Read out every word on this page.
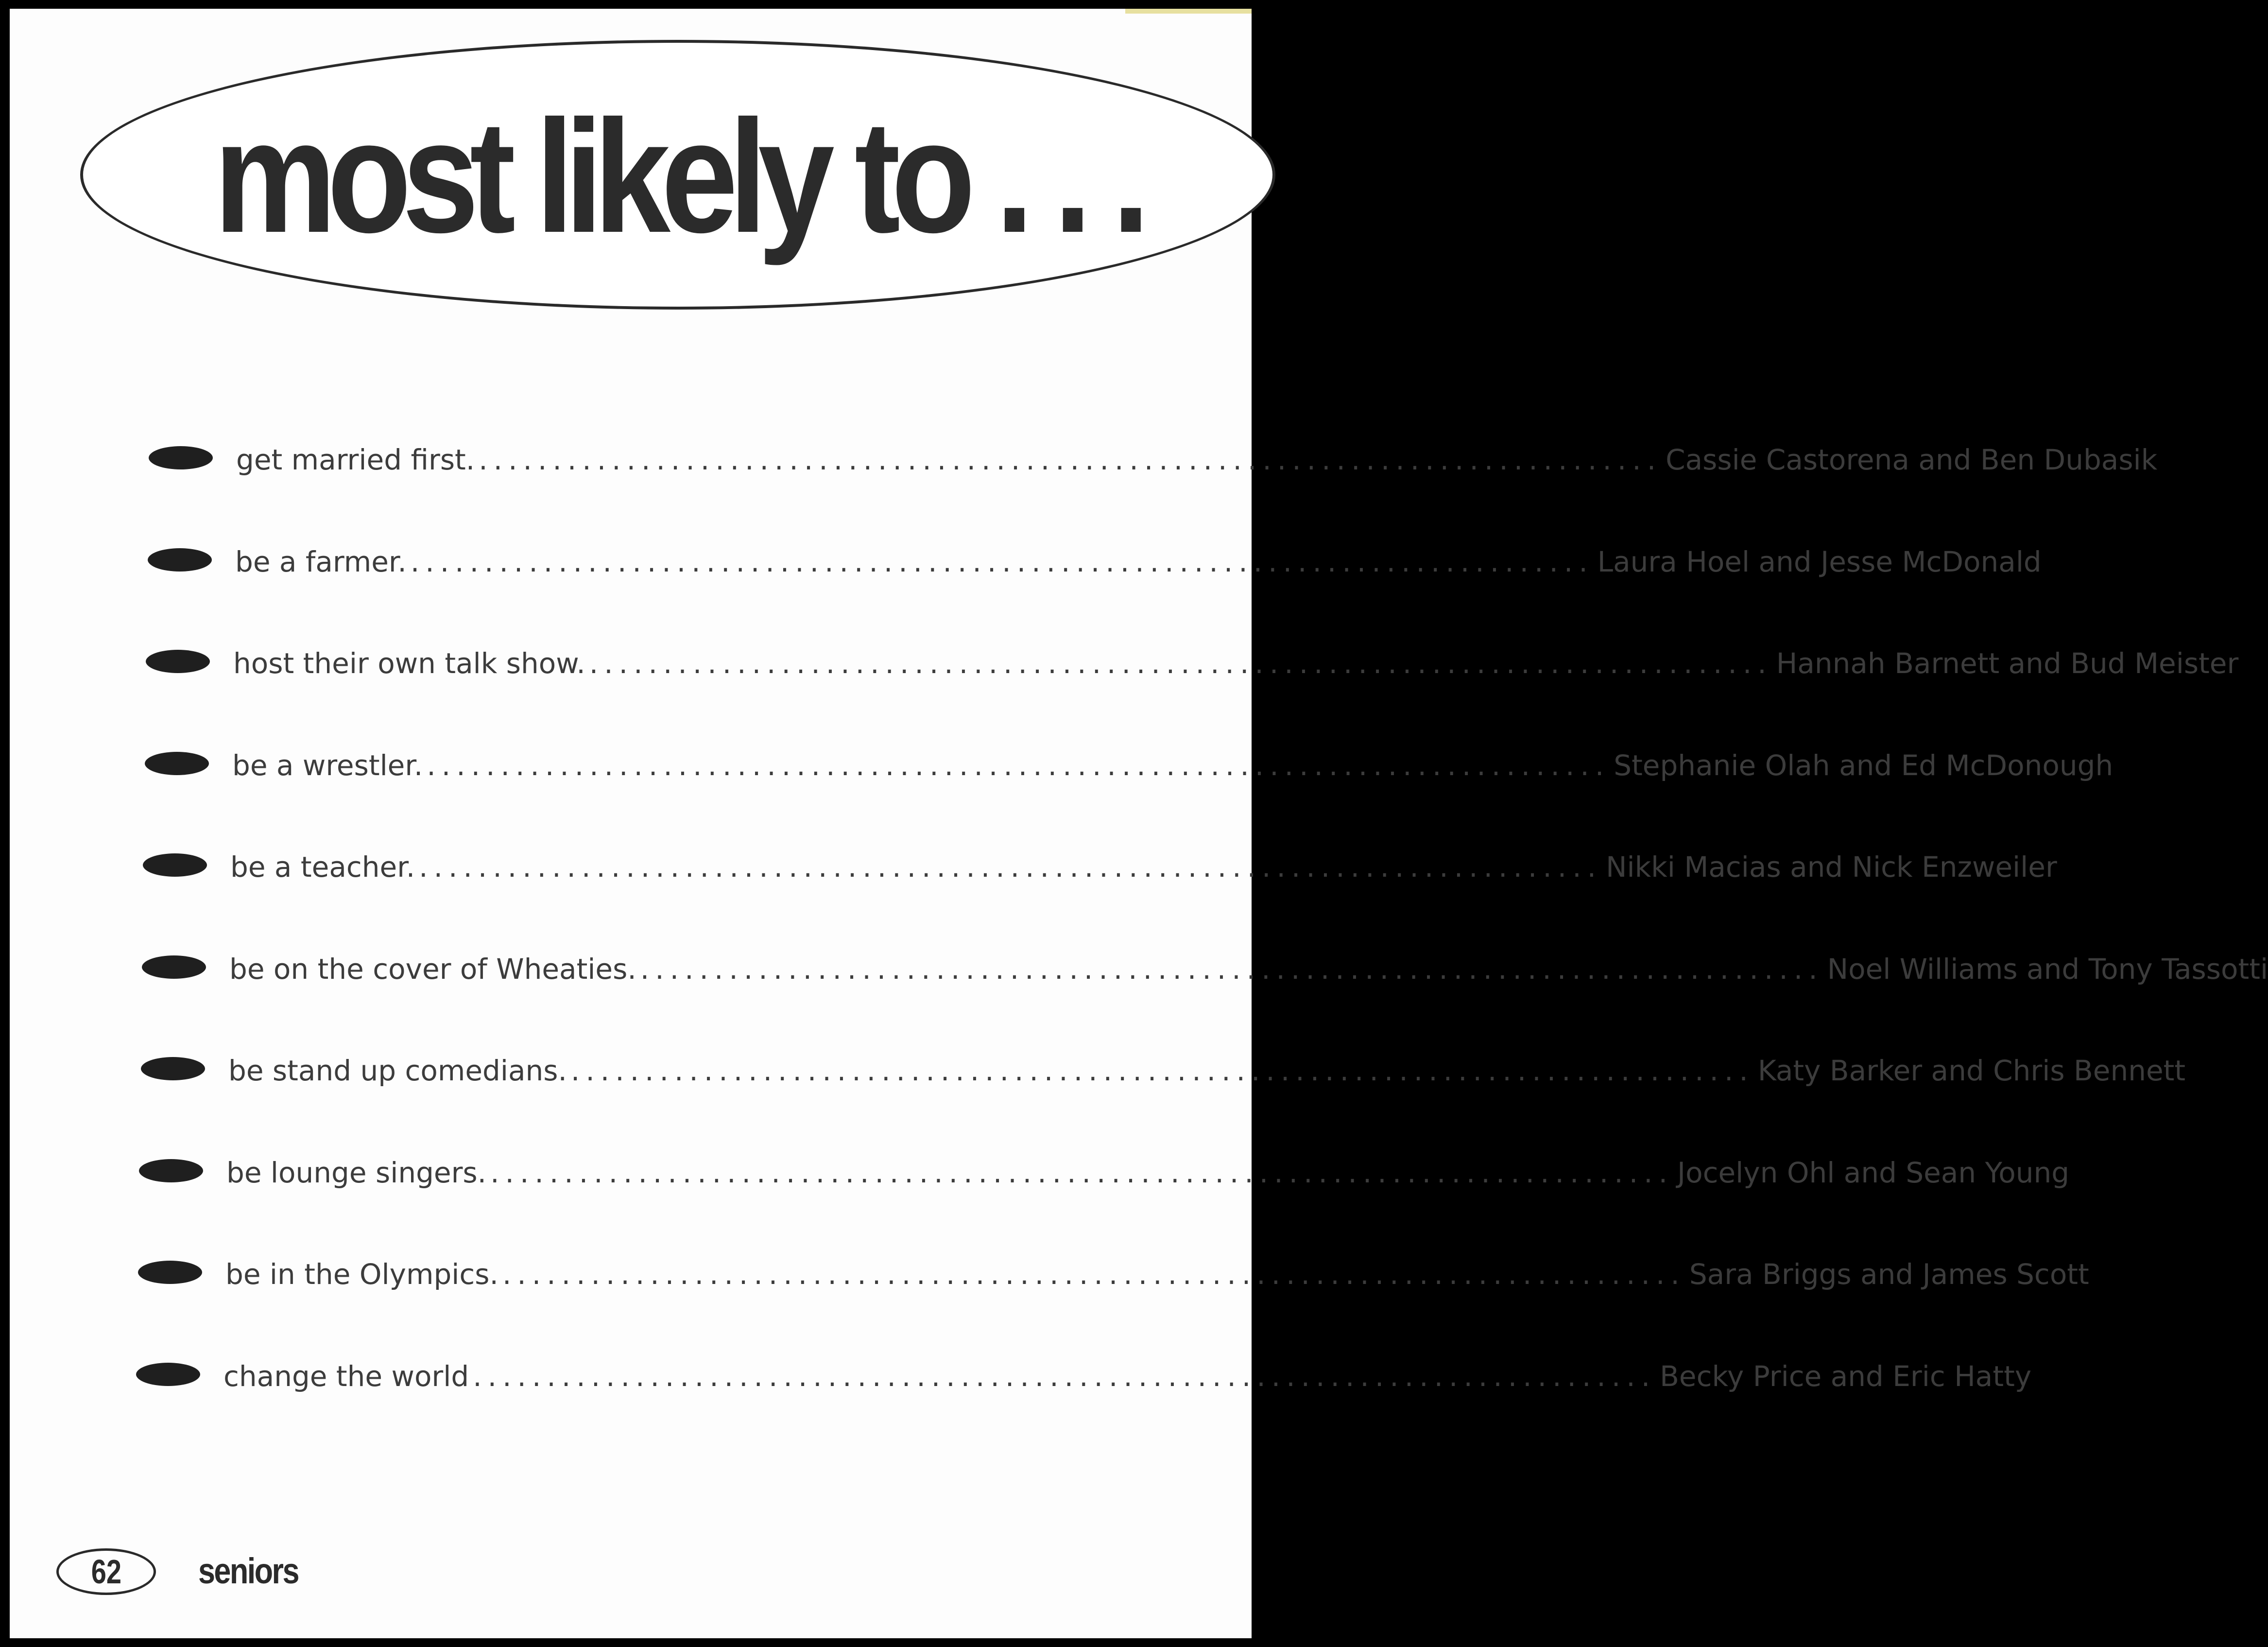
most likely to . . .
get married first. ................................................................................ Cassie Castorena and Ben Dubasik
be a farmer. ................................................................................ Laura Hoel and Jesse McDonald
host their own talk show. ................................................................................ Hannah Barnett and Bud Meister
be a wrestler. ................................................................................ Stephanie Olah and Ed McDonough
be a teacher. ................................................................................ Nikki Macias and Nick Enzweiler
be on the cover of Wheaties. ................................................................................ Noel Williams and Tony Tassotti
be stand up comedians. ................................................................................ Katy Barker and Chris Bennett
be lounge singers. ................................................................................ Jocelyn Ohl and Sean Young
be in the Olympics. ................................................................................ Sara Briggs and James Scott
change the world ................................................................................ Becky Price and Eric Hatty
62 seniors
